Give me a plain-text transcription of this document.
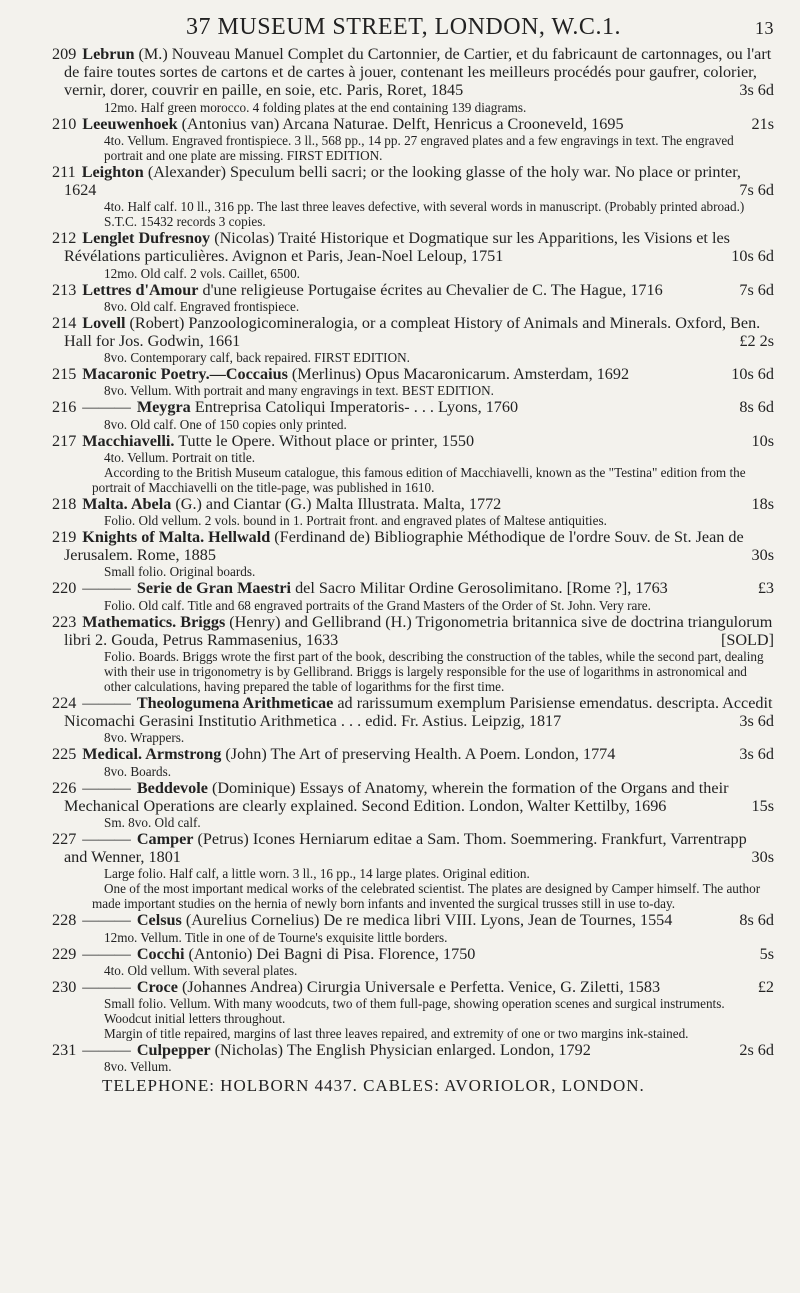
37 MUSEUM STREET, LONDON, W.C.1.	13
209 Lebrun (M.) Nouveau Manuel Complet du Cartonnier, de Cartier, et du fabricaunt de cartonnages, ou l'art de faire toutes sortes de cartons et de cartes à jouer, contenant les meilleurs procédés pour gaufrer, colorier, vernir, dorer, couvrir en paille, en soie, etc. Paris, Roret, 1845	3s 6d
12mo. Half green morocco. 4 folding plates at the end containing 139 diagrams.
210 Leeuwenhoek (Antonius van) Arcana Naturae. Delft, Henricus a Crooneveld, 1695	21s
4to. Vellum. Engraved frontispiece. 3 ll., 568 pp., 14 pp. 27 engraved plates and a few engravings in text. The engraved portrait and one plate are missing. FIRST EDITION.
211 Leighton (Alexander) Speculum belli sacri; or the looking glasse of the holy war. No place or printer, 1624	7s 6d
4to. Half calf. 10 ll., 316 pp. The last three leaves defective, with several words in manuscript. (Probably printed abroad.) S.T.C. 15432 records 3 copies.
212 Lenglet Dufresnoy (Nicolas) Traité Historique et Dogmatique sur les Apparitions, les Visions et les Révélations particulières. Avignon et Paris, Jean-Noel Leloup, 1751	10s 6d
12mo. Old calf. 2 vols. Caillet, 6500.
213 Lettres d'Amour d'une religieuse Portugaise écrites au Chevalier de C. The Hague, 1716	7s 6d
8vo. Old calf. Engraved frontispiece.
214 Lovell (Robert) Panzoologicomineralogia, or a compleat History of Animals and Minerals. Oxford, Ben. Hall for Jos. Godwin, 1661	£2 2s
8vo. Contemporary calf, back repaired. FIRST EDITION.
215 Macaronic Poetry.—Coccaius (Merlinus) Opus Macaronicarum. Amsterdam, 1692	10s 6d
8vo. Vellum. With portrait and many engravings in text. BEST EDITION.
216 ——— Meygra Entreprisa Catoliqui Imperatoris- . . . Lyons, 1760	8s 6d
8vo. Old calf. One of 150 copies only printed.
217 Macchiavelli. Tutte le Opere. Without place or printer, 1550	10s
4to. Vellum. Portrait on title.
According to the British Museum catalogue, this famous edition of Macchiavelli, known as the "Testina" edition from the portrait of Macchiavelli on the title-page, was published in 1610.
218 Malta. Abela (G.) and Ciantar (G.) Malta Illustrata. Malta, 1772	18s
Folio. Old vellum. 2 vols. bound in 1. Portrait front. and engraved plates of Maltese antiquities.
219 Knights of Malta. Hellwald (Ferdinand de) Bibliographie Méthodique de l'ordre Souv. de St. Jean de Jerusalem. Rome, 1885	30s
Small folio. Original boards.
220 ——— Serie de Gran Maestri del Sacro Militar Ordine Gerosolimitano. [Rome ?], 1763	£3
Folio. Old calf. Title and 68 engraved portraits of the Grand Masters of the Order of St. John. Very rare.
223 Mathematics. Briggs (Henry) and Gellibrand (H.) Trigonometria britannica sive de doctrina triangulorum libri 2. Gouda, Petrus Rammasenius, 1633	[SOLD]
Folio. Boards. Briggs wrote the first part of the book, describing the construction of the tables, while the second part, dealing with their use in trigonometry is by Gellibrand. Briggs is largely responsible for the use of logarithms in astronomical and other calculations, having prepared the table of logarithms for the first time.
224 ——— Theologumena Arithmeticae ad rarissumum exemplum Parisiense emendatus. descripta. Accedit Nicomachi Gerasini Institutio Arithmetica . . . edid. Fr. Astius. Leipzig, 1817	3s 6d
8vo. Wrappers.
225 Medical. Armstrong (John) The Art of preserving Health. A Poem. London, 1774	3s 6d
8vo. Boards.
226 ——— Beddevole (Dominique) Essays of Anatomy, wherein the formation of the Organs and their Mechanical Operations are clearly explained. Second Edition. London, Walter Kettilby, 1696	15s
Sm. 8vo. Old calf.
227 ——— Camper (Petrus) Icones Herniarum editae a Sam. Thom. Soemmering. Frankfurt, Varrentrapp and Wenner, 1801	30s
Large folio. Half calf, a little worn. 3 ll., 16 pp., 14 large plates. Original edition.
One of the most important medical works of the celebrated scientist. The plates are designed by Camper himself. The author made important studies on the hernia of newly born infants and invented the surgical trusses still in use to-day.
228 ——— Celsus (Aurelius Cornelius) De re medica libri VIII. Lyons, Jean de Tournes, 1554	8s 6d
12mo. Vellum. Title in one of de Tourne's exquisite little borders.
229 ——— Cocchi (Antonio) Dei Bagni di Pisa. Florence, 1750	5s
4to. Old vellum. With several plates.
230 ——— Croce (Johannes Andrea) Cirurgia Universale e Perfetta. Venice, G. Ziletti, 1583	£2
Small folio. Vellum. With many woodcuts, two of them full-page, showing operation scenes and surgical instruments. Woodcut initial letters throughout.
Margin of title repaired, margins of last three leaves repaired, and extremity of one or two margins ink-stained.
231 ——— Culpepper (Nicholas) The English Physician enlarged. London, 1792	2s 6d
8vo. Vellum.
TELEPHONE: HOLBORN 4437. CABLES: AVORIOLOR, LONDON.
